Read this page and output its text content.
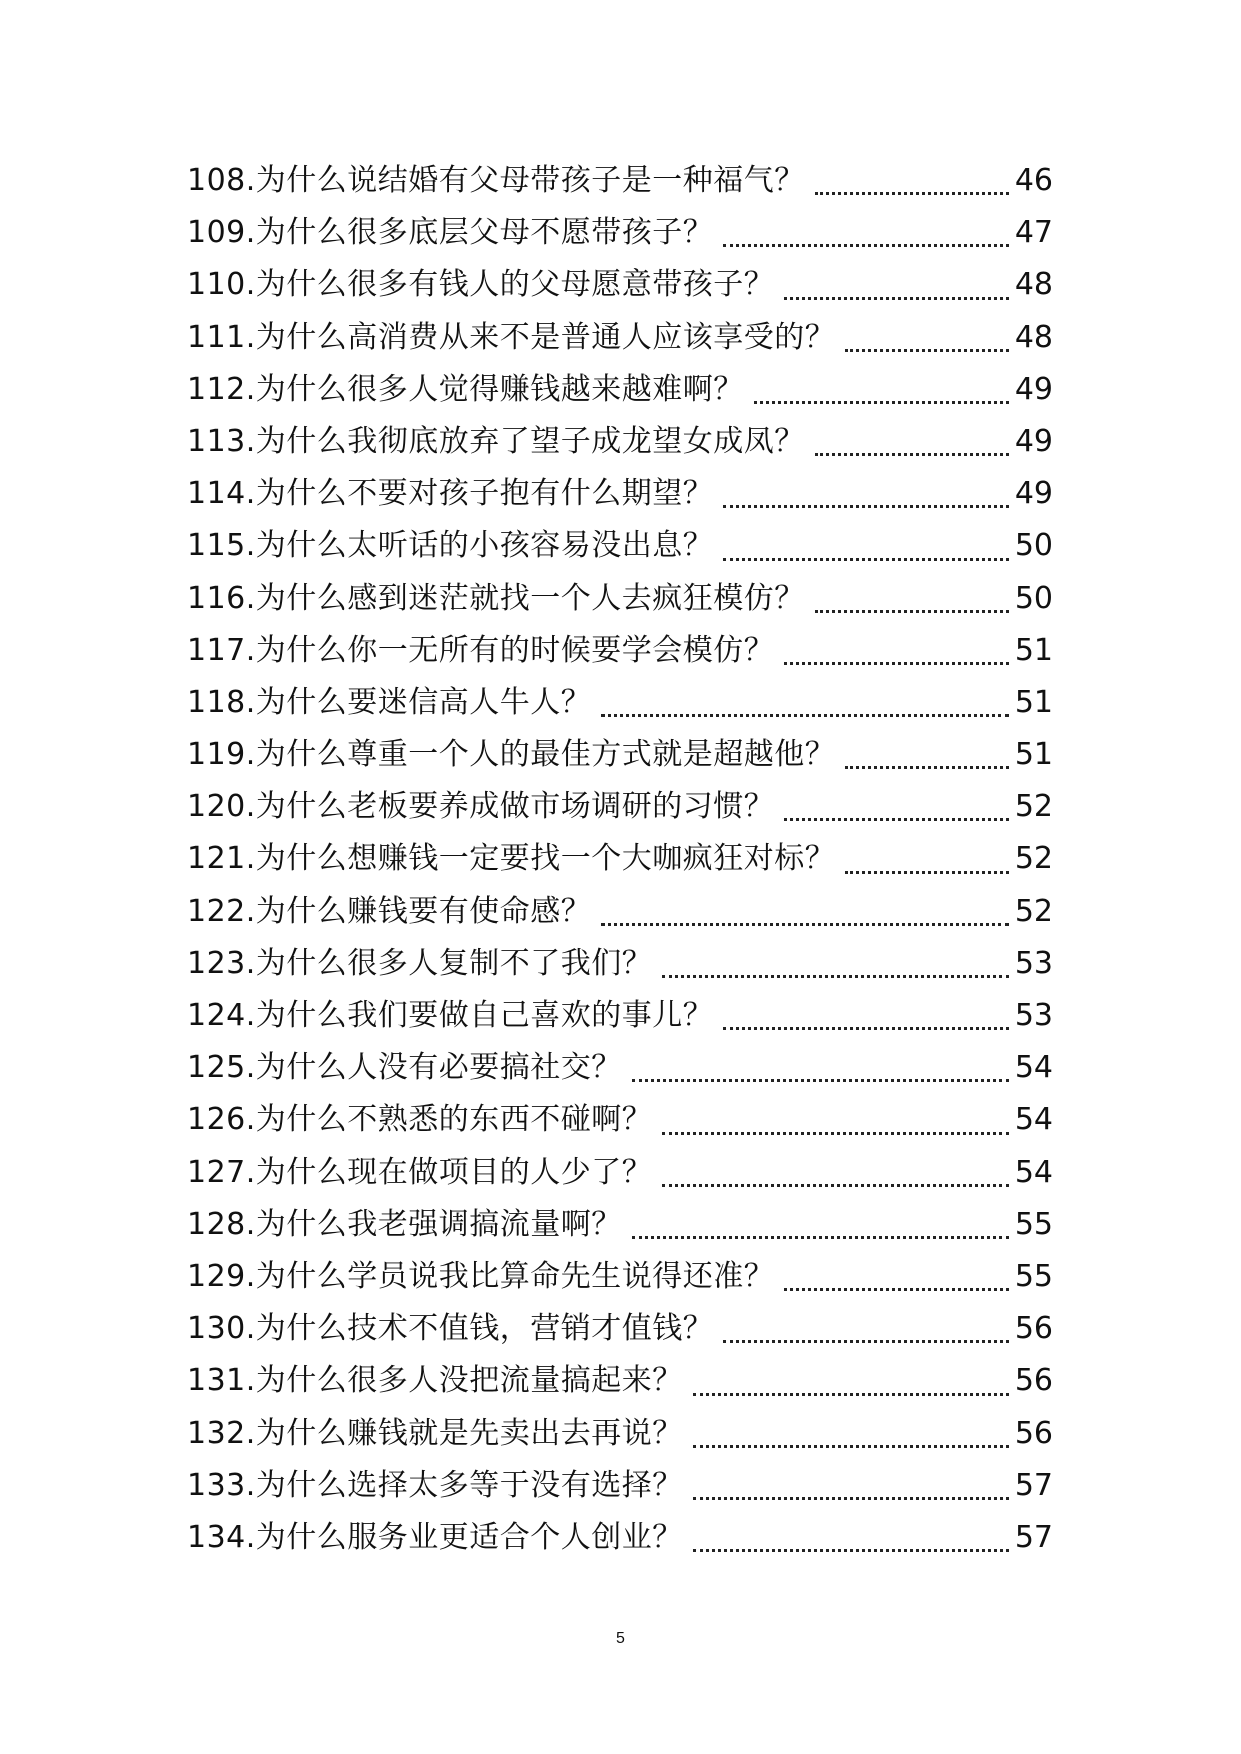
108.为什么说结婚有父母带孩子是一种福气？	46
109.为什么很多底层父母不愿带孩子？	47
110.为什么很多有钱人的父母愿意带孩子？	48
111.为什么高消费从来不是普通人应该享受的？	48
112.为什么很多人觉得赚钱越来越难啊？	49
113.为什么我彻底放弃了望子成龙望女成凤？	49
114.为什么不要对孩子抱有什么期望？	49
115.为什么太听话的小孩容易没出息？	50
116.为什么感到迷茫就找一个人去疯狂模仿？	50
117.为什么你一无所有的时候要学会模仿？	51
118.为什么要迷信高人牛人？	51
119.为什么尊重一个人的最佳方式就是超越他？	51
120.为什么老板要养成做市场调研的习惯？	52
121.为什么想赚钱一定要找一个大咖疯狂对标？	52
122.为什么赚钱要有使命感？	52
123.为什么很多人复制不了我们？	53
124.为什么我们要做自己喜欢的事儿？	53
125.为什么人没有必要搞社交？	54
126.为什么不熟悉的东西不碰啊？	54
127.为什么现在做项目的人少了？	54
128.为什么我老强调搞流量啊？	55
129.为什么学员说我比算命先生说得还准？	55
130.为什么技术不值钱，营销才值钱？	56
131.为什么很多人没把流量搞起来？	56
132.为什么赚钱就是先卖出去再说？	56
133.为什么选择太多等于没有选择？	57
134.为什么服务业更适合个人创业？	57
5
